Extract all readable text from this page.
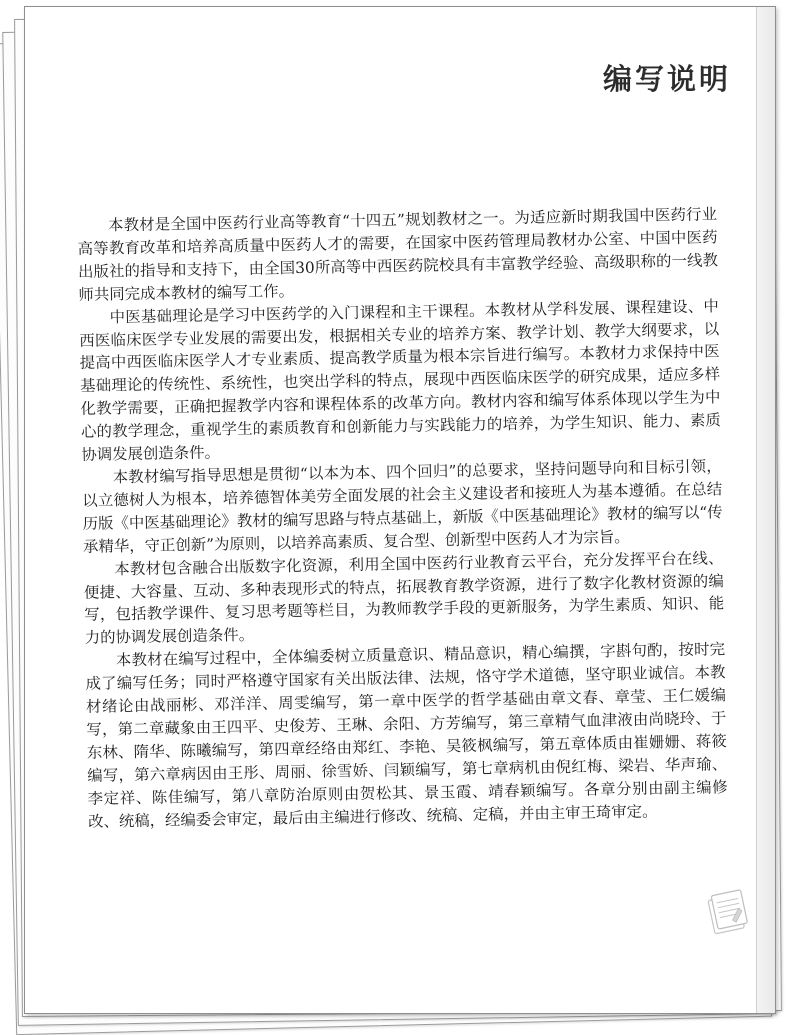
编写说明

本教材是全国中医药行业高等教育“十四五”规划教材之一。为适应新时期我国中医药行业高等教育改革和培养高质量中医药人才的需要，在国家中医药管理局教材办公室、中国中医药出版社的指导和支持下，由全国30所高等中西医药院校具有丰富教学经验、高级职称的一线教师共同完成本教材的编写工作。

中医基础理论是学习中医药学的入门课程和主干课程。本教材从学科发展、课程建设、中西医临床医学专业发展的需要出发，根据相关专业的培养方案、教学计划、教学大纲要求，以提高中西医临床医学人才专业素质、提高教学质量为根本宗旨进行编写。本教材力求保持中医基础理论的传统性、系统性，也突出学科的特点，展现中西医临床医学的研究成果，适应多样化教学需要，正确把握教学内容和课程体系的改革方向。教材内容和编写体系体现以学生为中心的教学理念，重视学生的素质教育和创新能力与实践能力的培养，为学生知识、能力、素质协调发展创造条件。

本教材编写指导思想是贯彻“以本为本、四个回归”的总要求，坚持问题导向和目标引领，以立德树人为根本，培养德智体美劳全面发展的社会主义建设者和接班人为基本遵循。在总结历版《中医基础理论》教材的编写思路与特点基础上，新版《中医基础理论》教材的编写以“传承精华，守正创新”为原则，以培养高素质、复合型、创新型中医药人才为宗旨。

本教材包含融合出版数字化资源，利用全国中医药行业教育云平台，充分发挥平台在线、便捷、大容量、互动、多种表现形式的特点，拓展教育教学资源，进行了数字化教材资源的编写，包括教学课件、复习思考题等栏目，为教师教学手段的更新服务，为学生素质、知识、能力的协调发展创造条件。

本教材在编写过程中，全体编委树立质量意识、精品意识，精心编撰，字斟句酌，按时完成了编写任务；同时严格遵守国家有关出版法律、法规，恪守学术道德，坚守职业诚信。本教材绪论由战丽彬、邓洋洋、周雯编写，第一章中医学的哲学基础由章文春、章莹、王仁媛编写，第二章藏象由王四平、史俊芳、王琳、余阳、方芳编写，第三章精气血津液由尚晓玲、于东林、隋华、陈曦编写，第四章经络由郑红、李艳、吴筱枫编写，第五章体质由崔姗姗、蒋筱编写，第六章病因由王彤、周丽、徐雪娇、闫颖编写，第七章病机由倪红梅、梁岩、华声瑜、李定祥、陈佳编写，第八章防治原则由贺松其、景玉霞、靖春颖编写。各章分别由副主编修改、统稿，经编委会审定，最后由主编进行修改、统稿、定稿，并由主审王琦审定。
